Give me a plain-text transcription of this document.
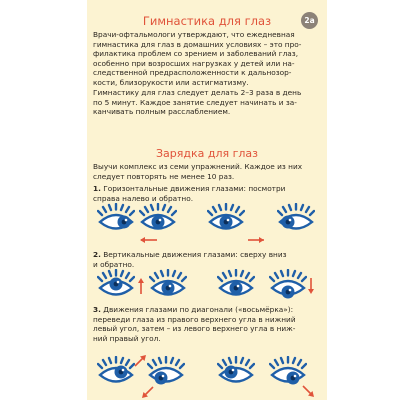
Гимнастика для глаз	2a
Врачи-офтальмологи утверждают, что ежедневная
гимнастика для глаз в домашних условиях – это про-
филактика проблем со зрением и заболеваний глаз,
особенно при возросших нагрузках у детей или на-
следственной предрасположенности к дальнозор-
кости, близорукости или астигматизму.
Гимнастику для глаз следует делать 2–3 раза в день
по 5 минут. Каждое занятие следует начинать и за-
канчивать полным расслаблением.
Зарядка для глаз
Выучи комплекс из семи упражнений. Каждое из них
следует повторять не менее 10 раз.
1. Горизонтальные движения глазами: посмотри
справа налево и обратно.
2. Вертикальные движения глазами: сверху вниз
и обратно.
3. Движения глазами по диагонали («восьмёрка»):
переведи глаза из правого верхнего угла в нижний
левый угол, затем – из левого верхнего угла в ниж-
ний правый угол.
